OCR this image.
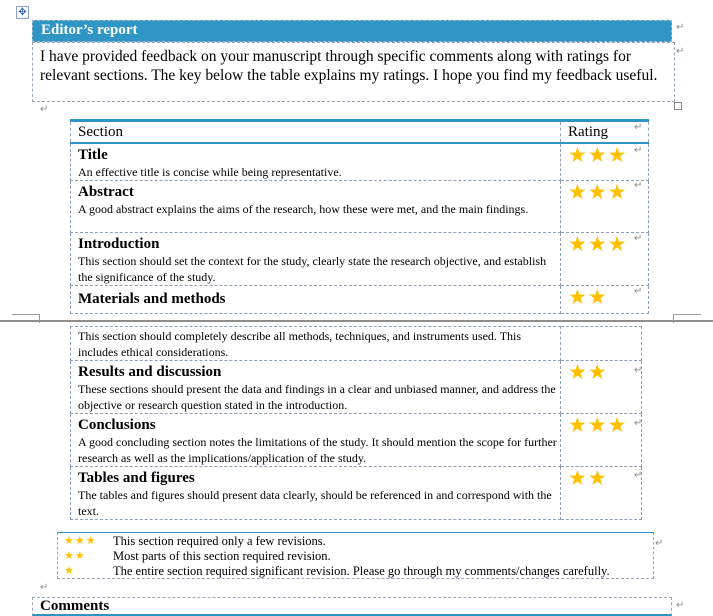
✥
Editor’s report	↵
I have provided feedback on your manuscript through specific comments along with ratings for relevant sections. The key below the table explains my ratings. I hope you find my feedback useful.
↵
↵
Section	Rating

Title
An effective title is concise while being representative.	★★★

Abstract
A good abstract explains the aims of the research, how these were met, and the main findings.	★★★

Introduction
This section should set the context for the study, clearly state the research objective, and establish the significance of the study.	★★★

Materials and methods	★★
↵
↵
↵
↵
↵
This section should completely describe all methods, techniques, and instruments used. This includes ethical considerations.	

Results and discussion
These sections should present the data and findings in a clear and unbiased manner, and address the objective or research question stated in the introduction.	★★

Conclusions
A good concluding section notes the limitations of the study. It should mention the scope for further research as well as the implications/application of the study.	★★★

Tables and figures
The tables and figures should present data clearly, should be referenced in and correspond with the text.	★★
↵
↵
↵
★★★ This section required only a few revisions.
★★ Most parts of this section required revision.
★	The entire section required significant revision. Please go through my comments/changes carefully.
↵
↵
Comments	↵
